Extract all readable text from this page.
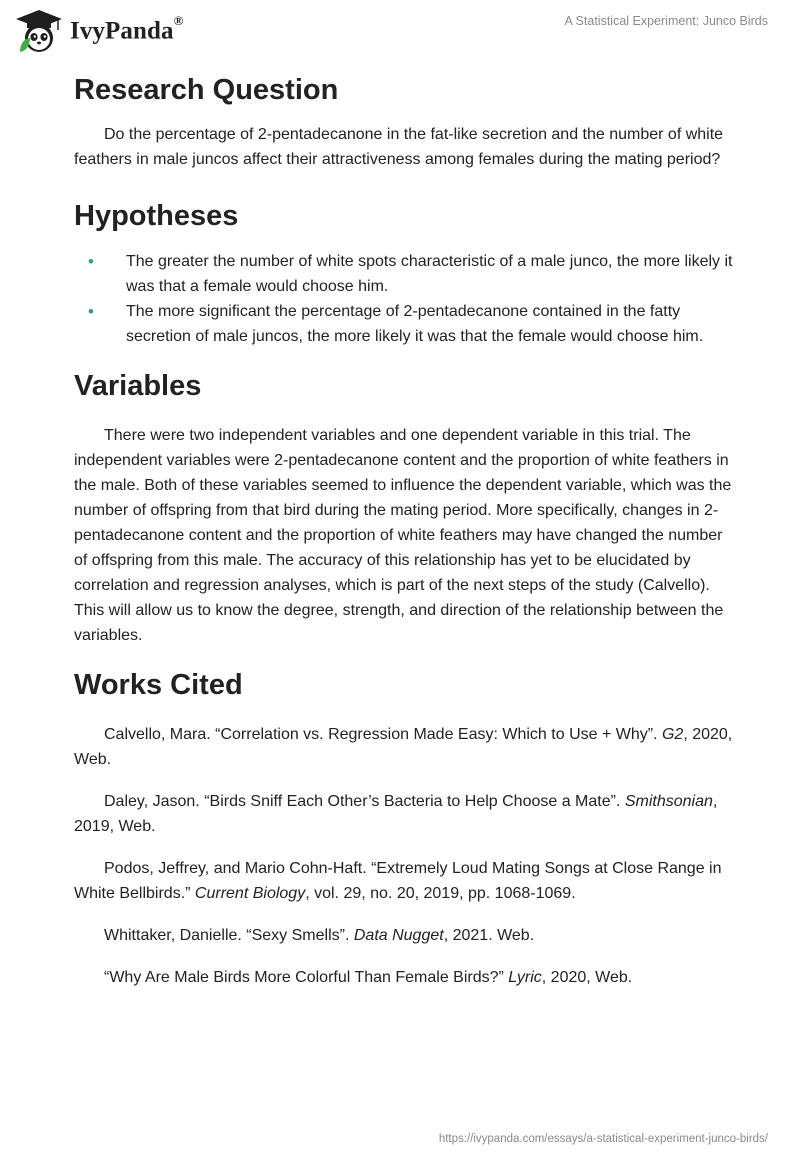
IvyPanda®	A Statistical Experiment: Junco Birds
Research Question

Do the percentage of 2-pentadecanone in the fat-like secretion and the number of white feathers in male juncos affect their attractiveness among females during the mating period?

Hypotheses
• The greater the number of white spots characteristic of a male junco, the more likely it was that a female would choose him.
• The more significant the percentage of 2-pentadecanone contained in the fatty secretion of male juncos, the more likely it was that the female would choose him.
Variables

There were two independent variables and one dependent variable in this trial. The independent variables were 2-pentadecanone content and the proportion of white feathers in the male. Both of these variables seemed to influence the dependent variable, which was the number of offspring from that bird during the mating period. More specifically, changes in 2-pentadecanone content and the proportion of white feathers may have changed the number of offspring from this male. The accuracy of this relationship has yet to be elucidated by correlation and regression analyses, which is part of the next steps of the study (Calvello). This will allow us to know the degree, strength, and direction of the relationship between the variables.

Works Cited

Calvello, Mara. “Correlation vs. Regression Made Easy: Which to Use + Why”. G2, 2020, Web.

Daley, Jason. “Birds Sniff Each Other’s Bacteria to Help Choose a Mate”. Smithsonian, 2019, Web.

Podos, Jeffrey, and Mario Cohn-Haft. “Extremely Loud Mating Songs at Close Range in White Bellbirds.” Current Biology, vol. 29, no. 20, 2019, pp. 1068-1069.

Whittaker, Danielle. “Sexy Smells”. Data Nugget, 2021. Web.

“Why Are Male Birds More Colorful Than Female Birds?” Lyric, 2020, Web.

https://ivypanda.com/essays/a-statistical-experiment-junco-birds/
